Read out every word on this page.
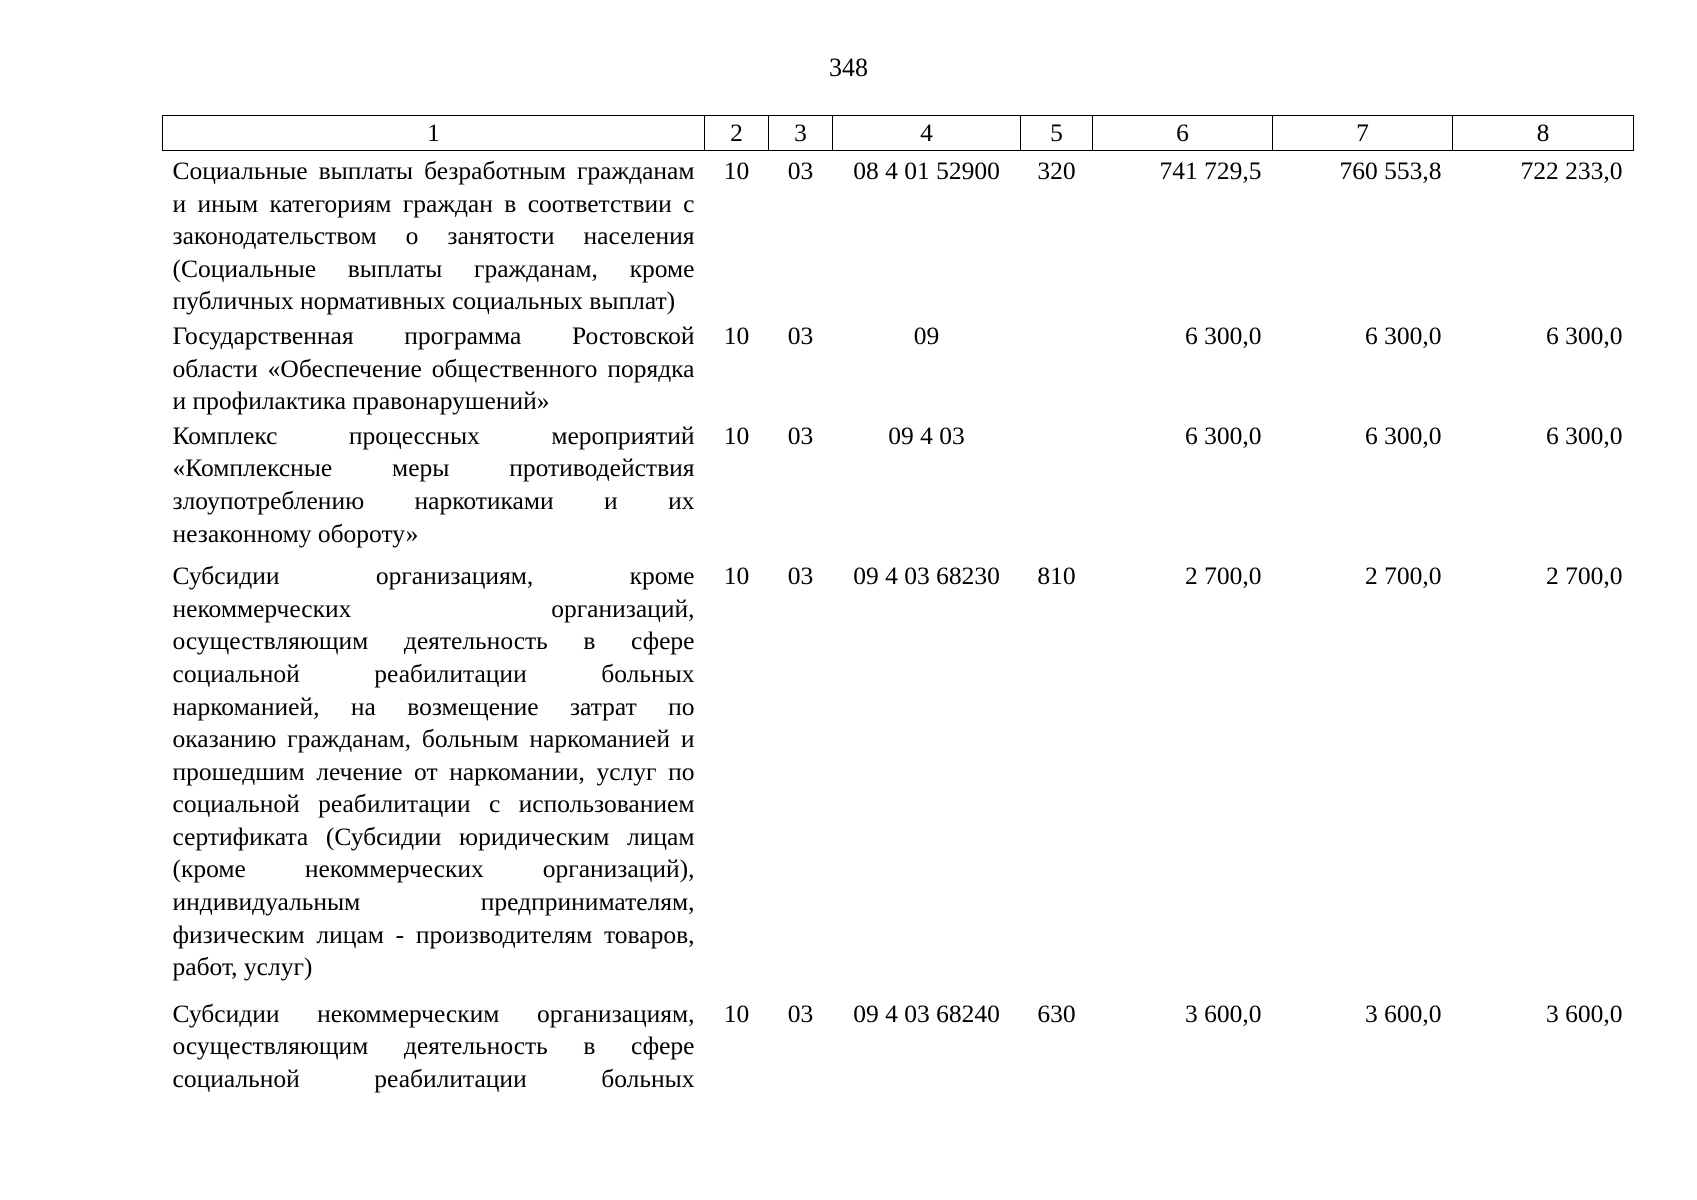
348
1	2	3	4	5	6	7	8
Социальные выплаты безработным гражданам и иным категориям граждан в соответствии с законодательством о занятости населения (Социальные выплаты гражданам, кроме публичных нормативных социальных выплат)	10	03	08 4 01 52900	320	741 729,5	760 553,8	722 233,0
Государственная программа Ростовской области «Обеспечение общественного порядка и профилактика правонарушений»	10	03	09		6 300,0	6 300,0	6 300,0
Комплекс процессных мероприятий «Комплексные меры противодействия злоупотреблению наркотиками и их незаконному обороту»	10	03	09 4 03		6 300,0	6 300,0	6 300,0
Субсидии организациям, кроме некоммерческих организаций, осуществляющим деятельность в сфере социальной реабилитации больных наркоманией, на возмещение затрат по оказанию гражданам, больным наркоманией и прошедшим лечение от наркомании, услуг по социальной реабилитации с использованием сертификата (Субсидии юридическим лицам (кроме некоммерческих организаций), индивидуальным предпринимателям, физическим лицам - производителям товаров, работ, услуг)	10	03	09 4 03 68230	810	2 700,0	2 700,0	2 700,0
Субсидии некоммерческим организациям, осуществляющим деятельность в сфере социальной реабилитации больных	10	03	09 4 03 68240	630	3 600,0	3 600,0	3 600,0
